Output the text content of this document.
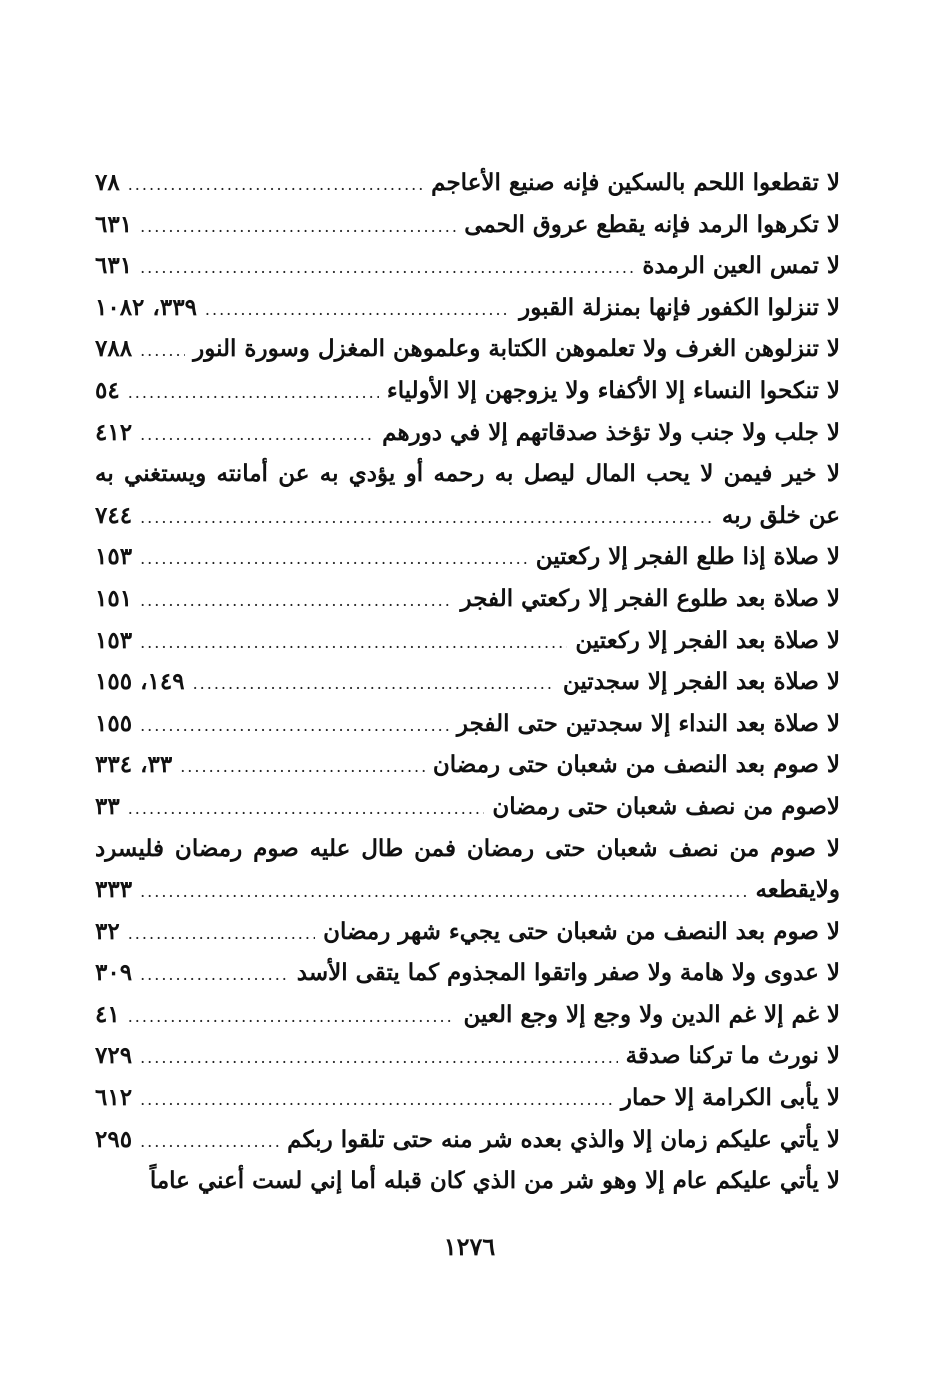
لا تقطعوا اللحم بالسكين فإنه صنيع الأعاجم
.....
٧٨
لا تكرهوا الرمد فإنه يقطع عروق الحمى
.....
٦٣١
لا تمس العين الرمدة
.....
٦٣١
لا تنزلوا الكفور فإنها بمنزلة القبور
.....
٣٣٩، ١٠٨٢
لا تنزلوهن الغرف ولا تعلموهن الكتابة وعلموهن المغزل وسورة النور
.....
٧٨٨
لا تنكحوا النساء إلا الأكفاء ولا يزوجهن إلا الأولياء
.....
٥٤
لا جلب ولا جنب ولا تؤخذ صدقاتهم إلا في دورهم
.....
٤١٢
لا خير فيمن لا يحب المال ليصل به رحمه أو يؤدي به عن أمانته ويستغني به
عن خلق ربه
.....
٧٤٤
لا صلاة إذا طلع الفجر إلا ركعتين
.....
١٥٣
لا صلاة بعد طلوع الفجر إلا ركعتي الفجر
.....
١٥١
لا صلاة بعد الفجر إلا ركعتين
.....
١٥٣
لا صلاة بعد الفجر إلا سجدتين
.....
١٤٩، ١٥٥
لا صلاة بعد النداء إلا سجدتين حتى الفجر
.....
١٥٥
لا صوم بعد النصف من شعبان حتى رمضان
.....
٣٣، ٣٣٤
لاصوم من نصف شعبان حتى رمضان
.....
٣٣
لا صوم من نصف شعبان حتى رمضان فمن طال عليه صوم رمضان فليسرد
ولايقطعه
.....
٣٣٣
لا صوم بعد النصف من شعبان حتى يجيء شهر رمضان
.....
٣٢
لا عدوى ولا هامة ولا صفر واتقوا المجذوم كما يتقى الأسد
.....
٣٠٩
لا غم إلا غم الدين ولا وجع إلا وجع العين
.....
٤١
لا نورث ما تركنا صدقة
.....
٧٢٩
لا يأبى الكرامة إلا حمار
.....
٦١٢
لا يأتي عليكم زمان إلا والذي بعده شر منه حتى تلقوا ربكم
.....
٢٩٥
لا يأتي عليكم عام إلا وهو شر من الذي كان قبله أما إني لست أعني عاماً
١٢٧٦
